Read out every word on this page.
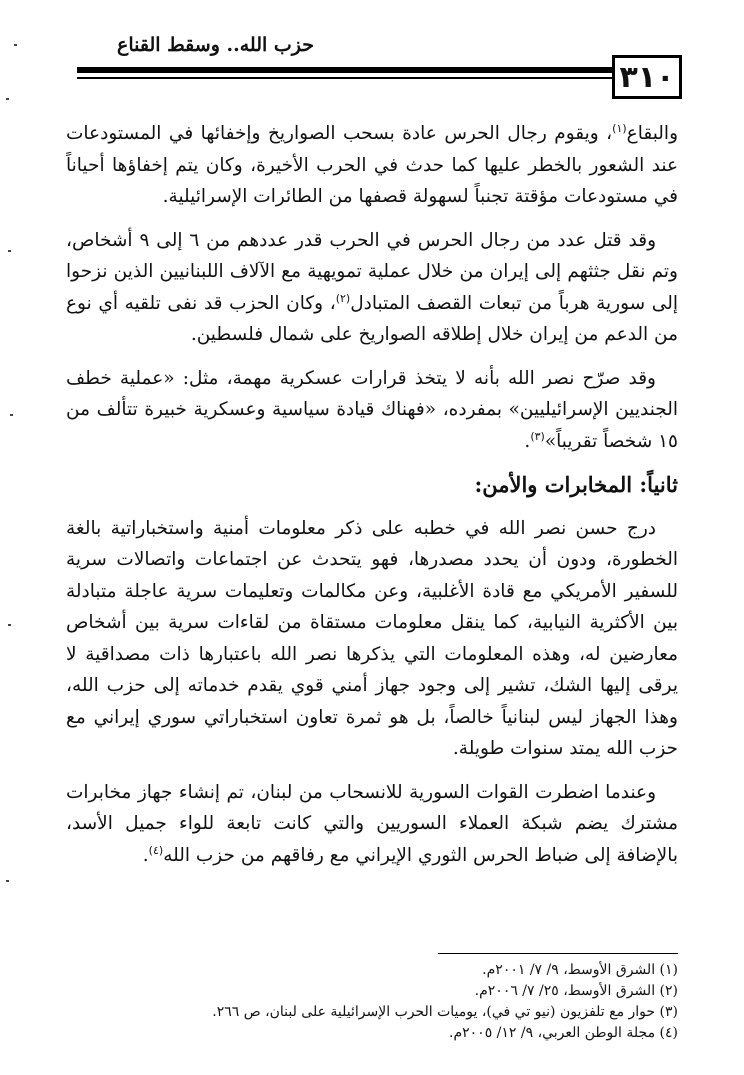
حزب الله.. وسقط القناع
٣١٠

والبقاع$^{(١)}$، ويقوم رجال الحرس عادة بسحب الصواريخ وإخفائها في المستودعات عند الشعور بالخطر عليها كما حدث في الحرب الأخيرة، وكان يتم إخفاؤها أحياناً في مستودعات مؤقتة تجنباً لسهولة قصفها من الطائرات الإسرائيلية.

وقد قتل عدد من رجال الحرس في الحرب قدر عددهم من ٦ إلى ٩ أشخاص، وتم نقل جثثهم إلى إيران من خلال عملية تمويهية مع الآلاف اللبنانيين الذين نزحوا إلى سورية هرباً من تبعات القصف المتبادل$^{(٢)}$، وكان الحزب قد نفى تلقيه أي نوع من الدعم من إيران خلال إطلاقه الصواريخ على شمال فلسطين.

وقد صرّح نصر الله بأنه لا يتخذ قرارات عسكرية مهمة، مثل: «عملية خطف الجنديين الإسرائيليين» بمفرده، «فهناك قيادة سياسية وعسكرية خبيرة تتألف من ١٥ شخصاً تقريباً»$^{(٣)}$.

ثانياً: المخابرات والأمن:

درج حسن نصر الله في خطبه على ذكر معلومات أمنية واستخباراتية بالغة الخطورة، ودون أن يحدد مصدرها، فهو يتحدث عن اجتماعات واتصالات سرية للسفير الأمريكي مع قادة الأغلبية، وعن مكالمات وتعليمات سرية عاجلة متبادلة بين الأكثرية النيابية، كما ينقل معلومات مستقاة من لقاءات سرية بين أشخاص معارضين له، وهذه المعلومات التي يذكرها نصر الله باعتبارها ذات مصداقية لا يرقى إليها الشك، تشير إلى وجود جهاز أمني قوي يقدم خدماته إلى حزب الله، وهذا الجهاز ليس لبنانياً خالصاً، بل هو ثمرة تعاون استخباراتي سوري إيراني مع حزب الله يمتد سنوات طويلة.

وعندما اضطرت القوات السورية للانسحاب من لبنان، تم إنشاء جهاز مخابرات مشترك يضم شبكة العملاء السوريين والتي كانت تابعة للواء جميل الأسد، بالإضافة إلى ضباط الحرس الثوري الإيراني مع رفاقهم من حزب الله$^{(٤)}$.

(١) الشرق الأوسط، ٩/ ٧/ ٢٠٠١م.
(٢) الشرق الأوسط، ٢٥/ ٧/ ٢٠٠٦م.
(٣) حوار مع تلفزيون (نيو تي في)، يوميات الحرب الإسرائيلية على لبنان، ص ٢٦٦.
(٤) مجلة الوطن العربي، ٩/ ١٢/ ٢٠٠٥م.
